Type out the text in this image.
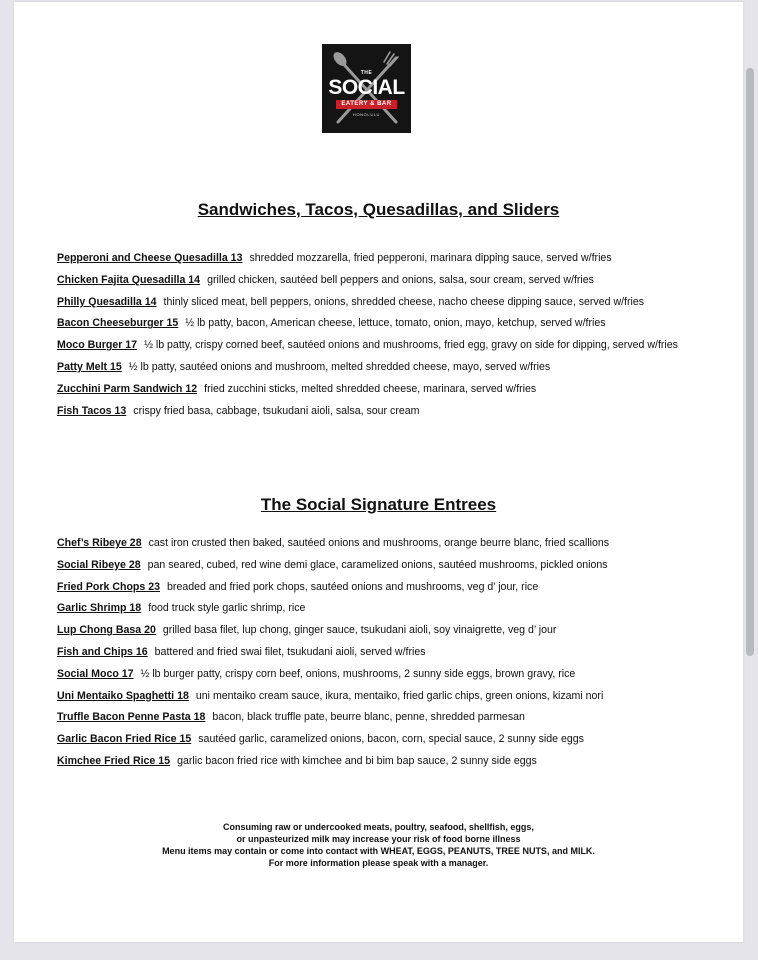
THE
SOCIAL
EATERY & BAR
HONOLULU
Sandwiches, Tacos, Quesadillas, and Sliders
Pepperoni and Cheese Quesadilla 13 shredded mozzarella, fried pepperoni, marinara dipping sauce, served w/fries
Chicken Fajita Quesadilla 14 grilled chicken, sautéed bell peppers and onions, salsa, sour cream, served w/fries
Philly Quesadilla 14 thinly sliced meat, bell peppers, onions, shredded cheese, nacho cheese dipping sauce, served w/fries
Bacon Cheeseburger 15 ½ lb patty, bacon, American cheese, lettuce, tomato, onion, mayo, ketchup, served w/fries
Moco Burger 17 ½ lb patty, crispy corned beef, sautéed onions and mushrooms, fried egg, gravy on side for dipping, served w/fries
Patty Melt 15 ½ lb patty, sautéed onions and mushroom, melted shredded cheese, mayo, served w/fries
Zucchini Parm Sandwich 12 fried zucchini sticks, melted shredded cheese, marinara, served w/fries
Fish Tacos 13 crispy fried basa, cabbage, tsukudani aioli, salsa, sour cream
The Social Signature Entrees
Chef’s Ribeye 28 cast iron crusted then baked, sautéed onions and mushrooms, orange beurre blanc, fried scallions
Social Ribeye 28 pan seared, cubed, red wine demi glace, caramelized onions, sautéed mushrooms, pickled onions
Fried Pork Chops 23 breaded and fried pork chops, sautéed onions and mushrooms, veg d’ jour, rice
Garlic Shrimp 18 food truck style garlic shrimp, rice
Lup Chong Basa 20 grilled basa filet, lup chong, ginger sauce, tsukudani aioli, soy vinaigrette, veg d’ jour
Fish and Chips 16 battered and fried swai filet, tsukudani aioli, served w/fries
Social Moco 17 ½ lb burger patty, crispy corn beef, onions, mushrooms, 2 sunny side eggs, brown gravy, rice
Uni Mentaiko Spaghetti 18 uni mentaiko cream sauce, ikura, mentaiko, fried garlic chips, green onions, kizami nori
Truffle Bacon Penne Pasta 18 bacon, black truffle pate, beurre blanc, penne, shredded parmesan
Garlic Bacon Fried Rice 15 sautéed garlic, caramelized onions, bacon, corn, special sauce, 2 sunny side eggs
Kimchee Fried Rice 15 garlic bacon fried rice with kimchee and bi bim bap sauce, 2 sunny side eggs
Consuming raw or undercooked meats, poultry, seafood, shellfish, eggs,
or unpasteurized milk may increase your risk of food borne illness
Menu items may contain or come into contact with WHEAT, EGGS, PEANUTS, TREE NUTS, and MILK.
For more information please speak with a manager.
